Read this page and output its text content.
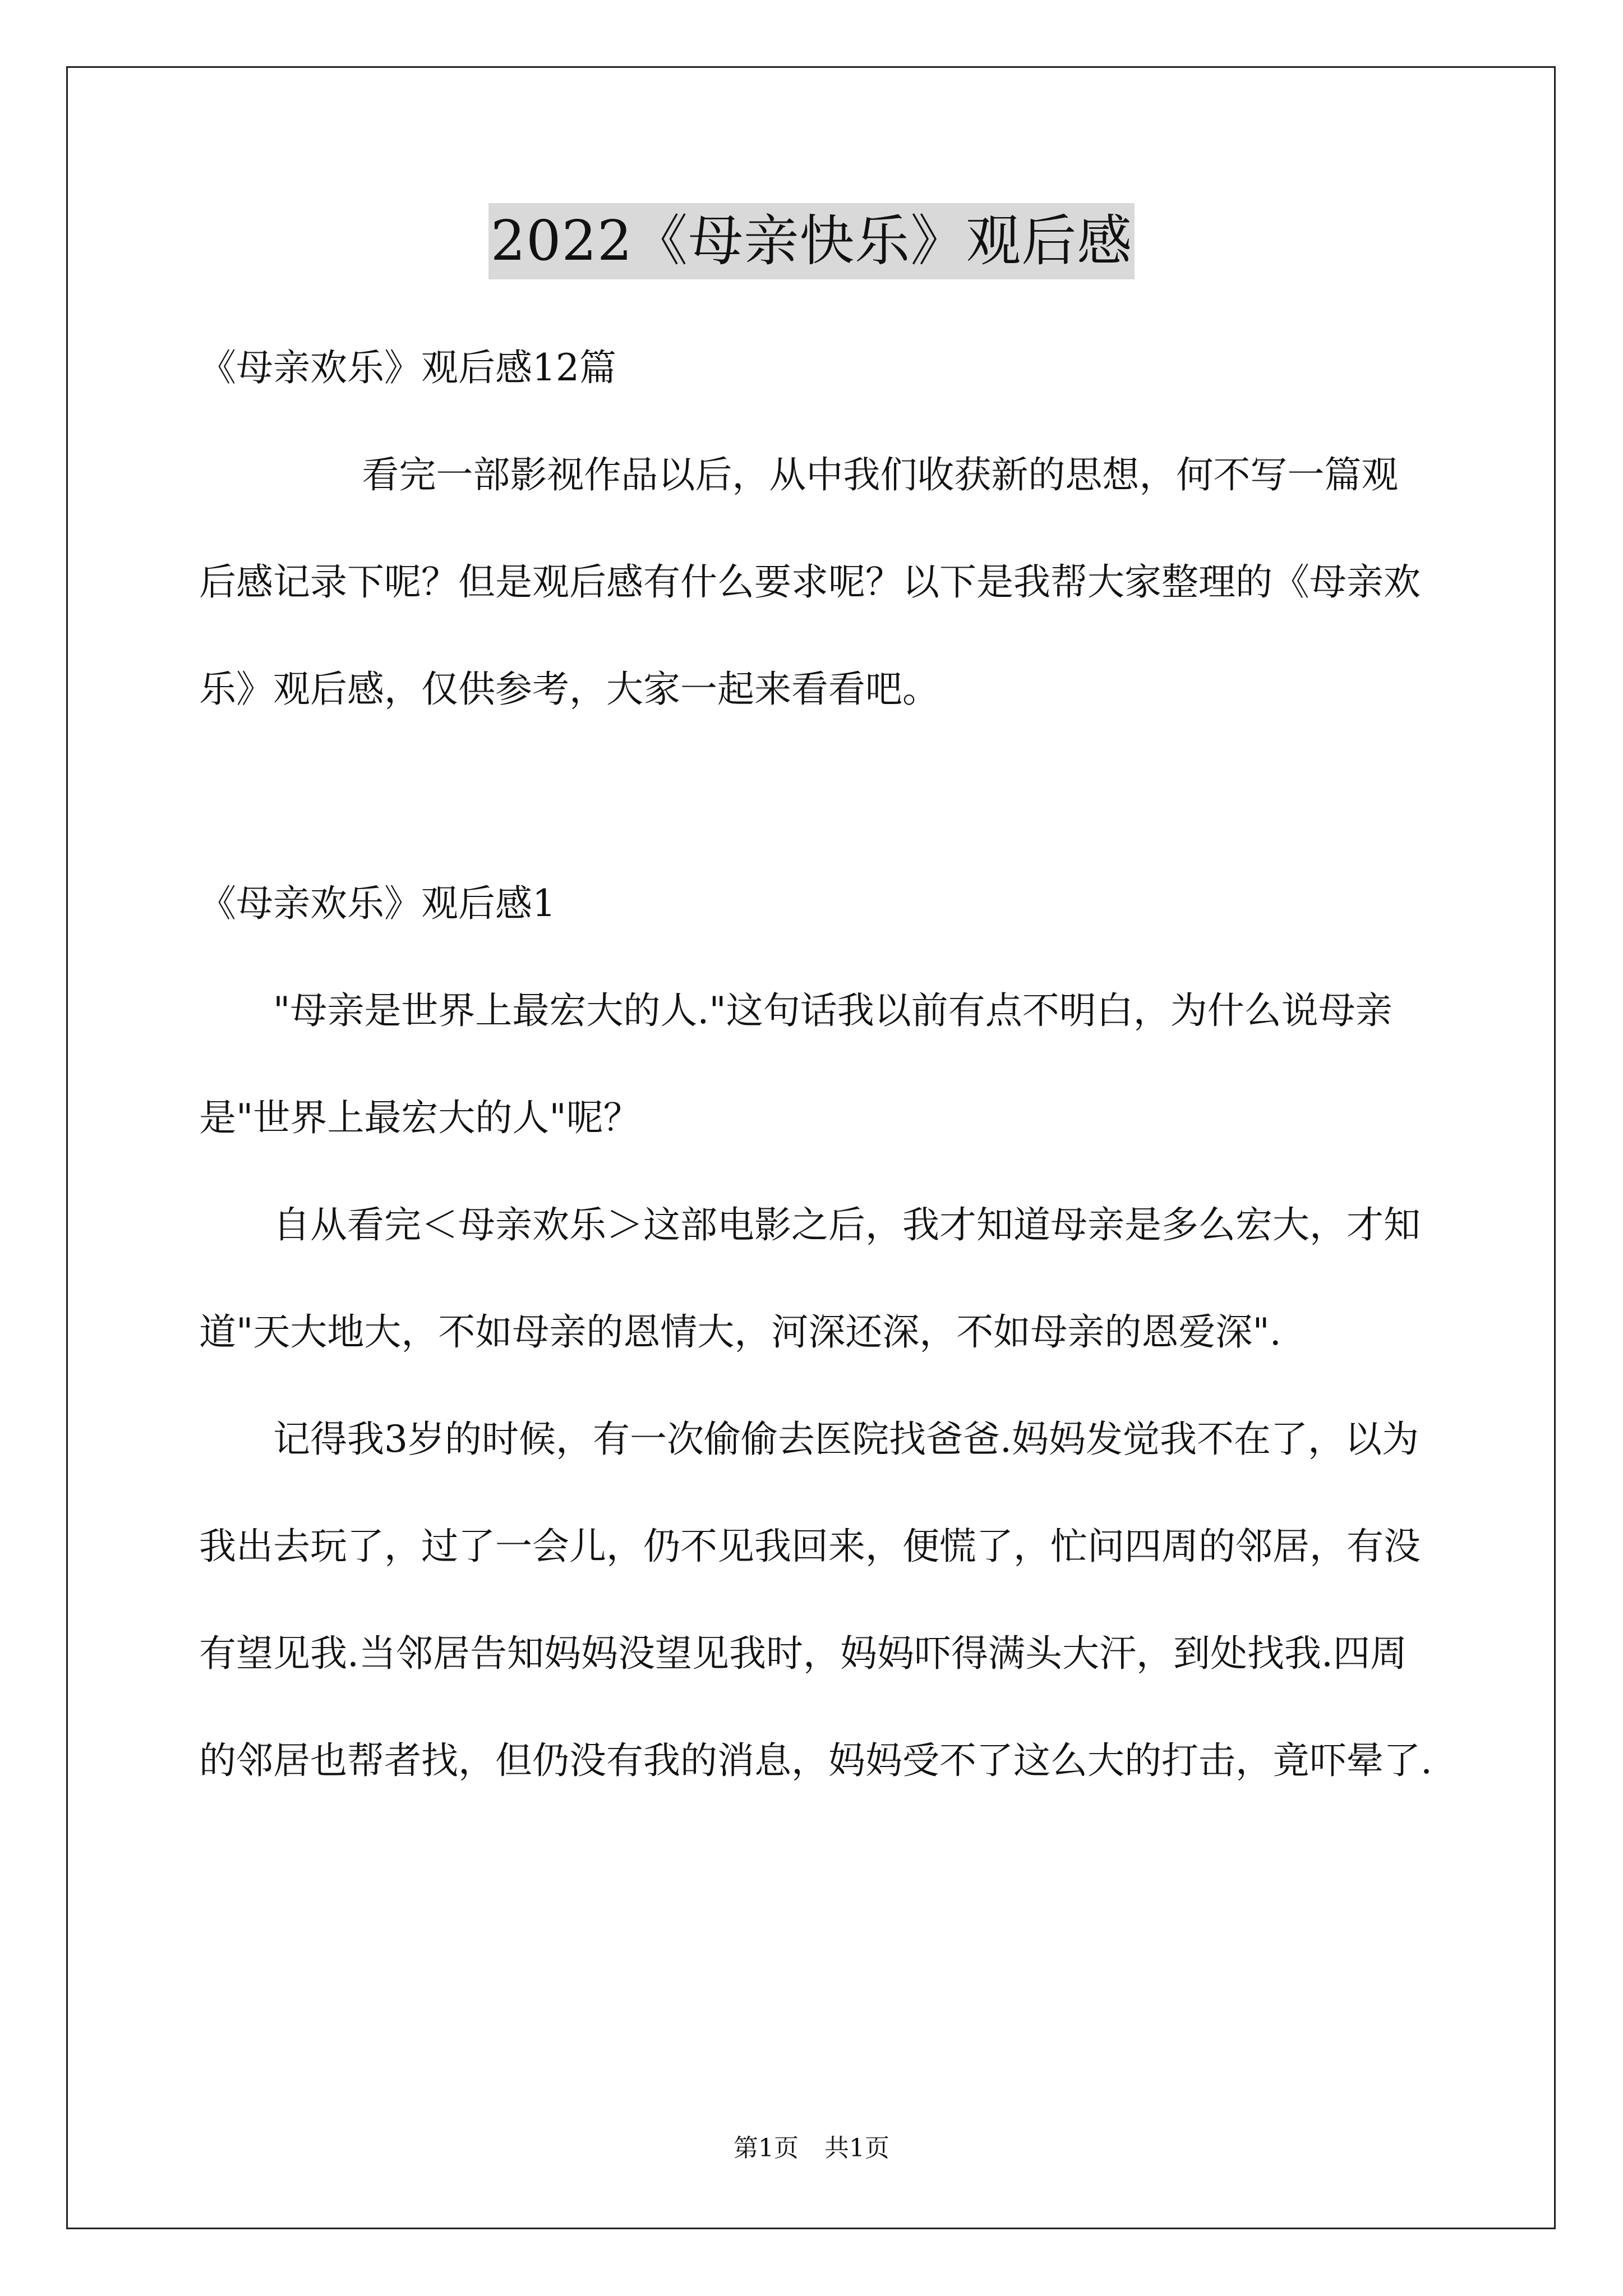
2022《母亲快乐》观后感

《母亲欢乐》观后感12篇

看完一部影视作品以后，从中我们收获新的思想，何不写一篇观后感记录下呢？但是观后感有什么要求呢？以下是我帮大家整理的《母亲欢乐》观后感，仅供参考，大家一起来看看吧。

《母亲欢乐》观后感1

"母亲是世界上最宏大的人."这句话我以前有点不明白，为什么说母亲是"世界上最宏大的人"呢？

自从看完＜母亲欢乐＞这部电影之后，我才知道母亲是多么宏大，才知道"天大地大，不如母亲的恩情大，河深还深，不如母亲的恩爱深".

记得我3岁的时候，有一次偷偷去医院找爸爸.妈妈发觉我不在了，以为我出去玩了，过了一会儿，仍不见我回来，便慌了，忙问四周的邻居，有没有望见我.当邻居告知妈妈没望见我时，妈妈吓得满头大汗，到处找我.四周的邻居也帮者找，但仍没有我的消息，妈妈受不了这么大的打击，竟吓晕了.

第1页 共1页
